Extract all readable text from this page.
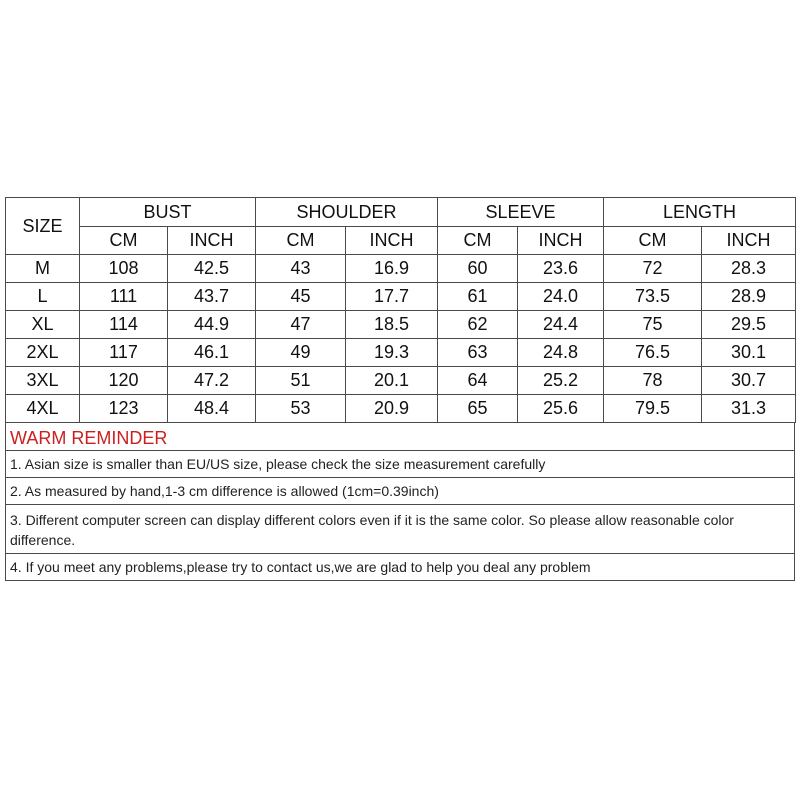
SIZE	BUST		SHOULDER		SLEEVE		LENGTH	
	CM	INCH	CM	INCH	CM	INCH	CM	INCH
M	108	42.5	43	16.9	60	23.6	72	28.3
L	111	43.7	45	17.7	61	24.0	73.5	28.9
XL	114	44.9	47	18.5	62	24.4	75	29.5
2XL	117	46.1	49	19.3	63	24.8	76.5	30.1
3XL	120	47.2	51	20.1	64	25.2	78	30.7
4XL	123	48.4	53	20.9	65	25.6	79.5	31.3
WARM REMINDER
1. Asian size is smaller than EU/US size, please check the size measurement carefully
2. As measured by hand,1-3 cm difference is allowed (1cm=0.39inch)
3. Different computer screen can display different colors even if it is the same color. So please allow reasonable color difference.
4. If you meet any problems,please try to contact us,we are glad to help you deal any problem
